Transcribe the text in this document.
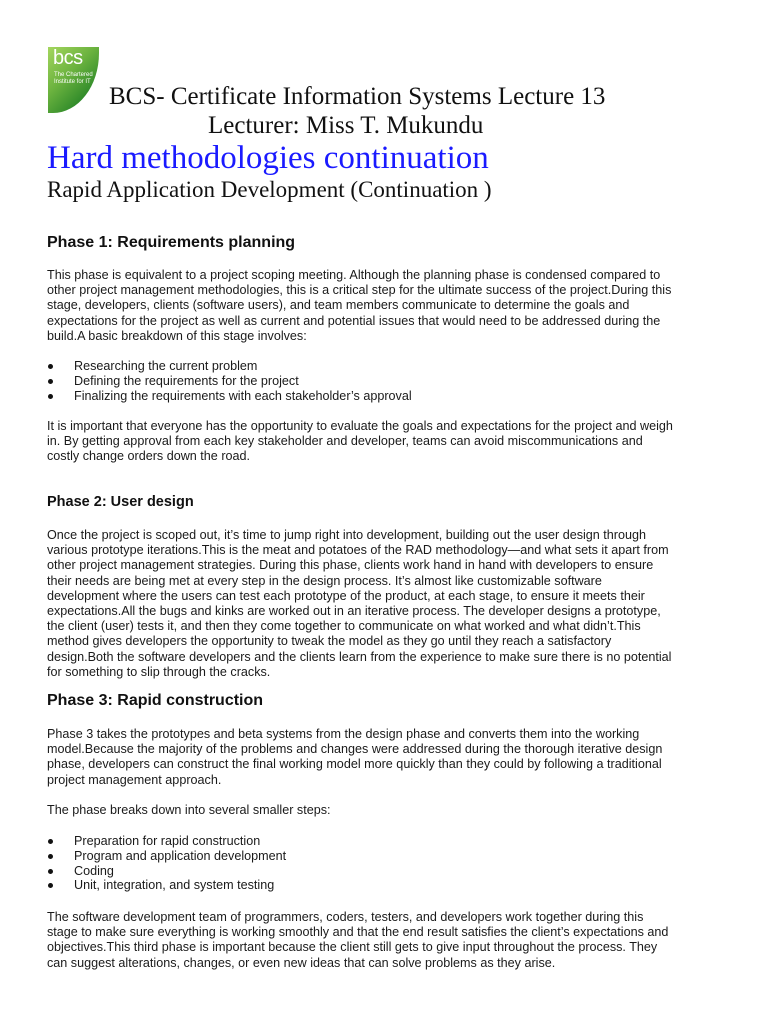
bcs
The Chartered Institute for IT
BCS- Certificate Information Systems Lecture 13
Lecturer: Miss T. Mukundu
Hard methodologies continuation
Rapid Application Development (Continuation )
Phase 1: Requirements planning
This phase is equivalent to a project scoping meeting. Although the planning phase is condensed compared to
other project management methodologies, this is a critical step for the ultimate success of the project.During this
stage, developers, clients (software users), and team members communicate to determine the goals and
expectations for the project as well as current and potential issues that would need to be addressed during the
build.A basic breakdown of this stage involves:
Researching the current problem
Defining the requirements for the project
Finalizing the requirements with each stakeholder’s approval
It is important that everyone has the opportunity to evaluate the goals and expectations for the project and weigh
in. By getting approval from each key stakeholder and developer, teams can avoid miscommunications and
costly change orders down the road.
Phase 2: User design
Once the project is scoped out, it’s time to jump right into development, building out the user design through
various prototype iterations.This is the meat and potatoes of the RAD methodology—and what sets it apart from
other project management strategies. During this phase, clients work hand in hand with developers to ensure
their needs are being met at every step in the design process. It’s almost like customizable software
development where the users can test each prototype of the product, at each stage, to ensure it meets their
expectations.All the bugs and kinks are worked out in an iterative process. The developer designs a prototype,
the client (user) tests it, and then they come together to communicate on what worked and what didn’t.This
method gives developers the opportunity to tweak the model as they go until they reach a satisfactory
design.Both the software developers and the clients learn from the experience to make sure there is no potential
for something to slip through the cracks.
Phase 3: Rapid construction
Phase 3 takes the prototypes and beta systems from the design phase and converts them into the working
model.Because the majority of the problems and changes were addressed during the thorough iterative design
phase, developers can construct the final working model more quickly than they could by following a traditional
project management approach.
The phase breaks down into several smaller steps:
Preparation for rapid construction
Program and application development
Coding
Unit, integration, and system testing
The software development team of programmers, coders, testers, and developers work together during this
stage to make sure everything is working smoothly and that the end result satisfies the client’s expectations and
objectives.This third phase is important because the client still gets to give input throughout the process. They
can suggest alterations, changes, or even new ideas that can solve problems as they arise.
